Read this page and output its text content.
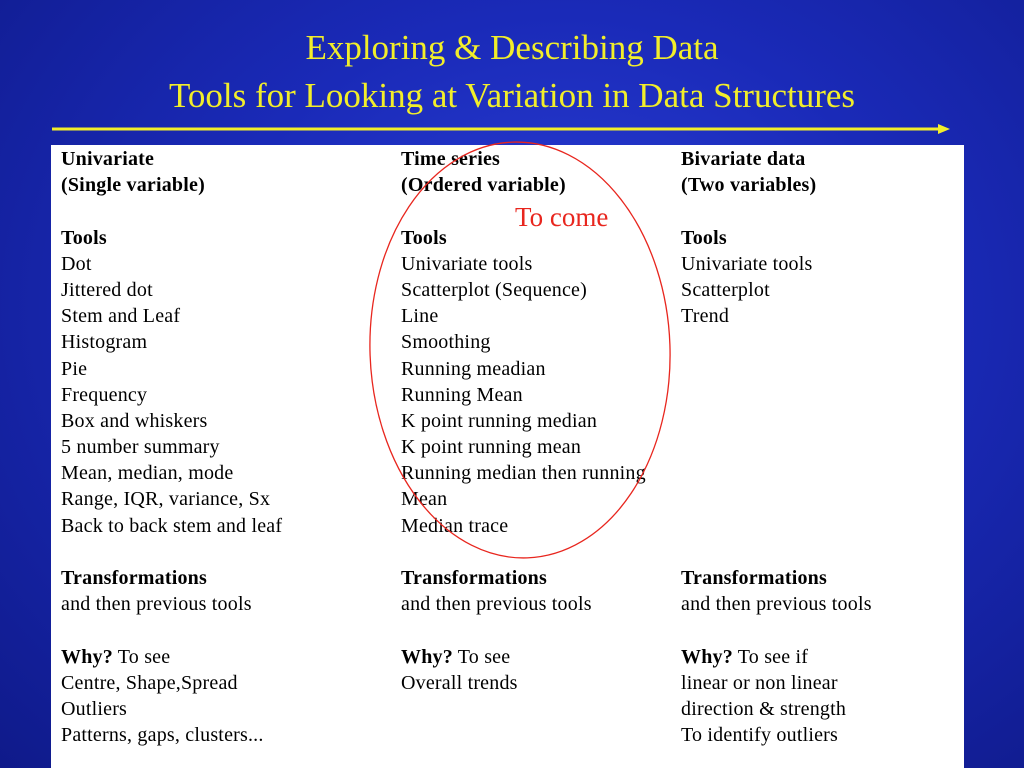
Exploring & Describing Data
Tools for Looking at Variation in Data Structures
Univariate
(Single variable)
Tools
Dot
Jittered dot
Stem and Leaf
Histogram
Pie
Frequency
Box and whiskers
5 number summary
Mean, median, mode
Range, IQR, variance, Sx
Back to back stem and leaf
Transformations
and then previous tools
Why? To see
Centre, Shape,Spread
Outliers
Patterns, gaps, clusters...
Time series
(Ordered variable)
Tools
Univariate tools
Scatterplot (Sequence)
Line
Smoothing
Running meadian
Running Mean
K point running median
K point running mean
Running median then running
Mean
Median trace
Transformations
and then previous tools
Why? To see
Overall trends
Bivariate data
(Two variables)
Tools
Univariate tools
Scatterplot
Trend
Transformations
and then previous tools
Why? To see if
linear or non linear
direction & strength
To identify outliers
To come
